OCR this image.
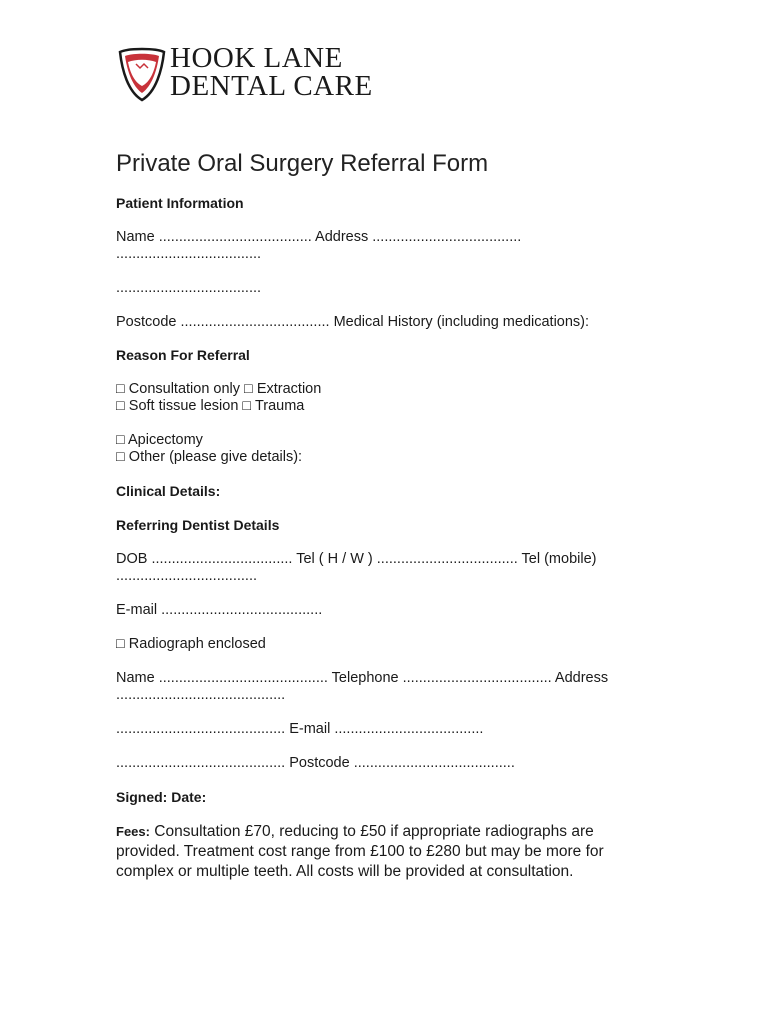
HOOK LANE
DENTAL CARE
Private Oral Surgery Referral Form
Patient Information
Name ...................................... Address .....................................
....................................
....................................
Postcode ..................................... Medical History (including medications):
Reason For Referral
□ Consultation only □ Extraction
□ Soft tissue lesion □ Trauma
□ Apicectomy
□ Other (please give details):
Clinical Details:
Referring Dentist Details
DOB ................................... Tel ( H / W ) ................................... Tel (mobile)
...................................
E-mail ........................................
□ Radiograph enclosed
Name .......................................... Telephone ..................................... Address
..........................................
.......................................... E-mail .....................................
.......................................... Postcode ........................................
Signed: Date:
Fees: Consultation £70, reducing to £50 if appropriate radiographs are provided. Treatment cost range from £100 to £280 but may be more for complex or multiple teeth. All costs will be provided at consultation.
